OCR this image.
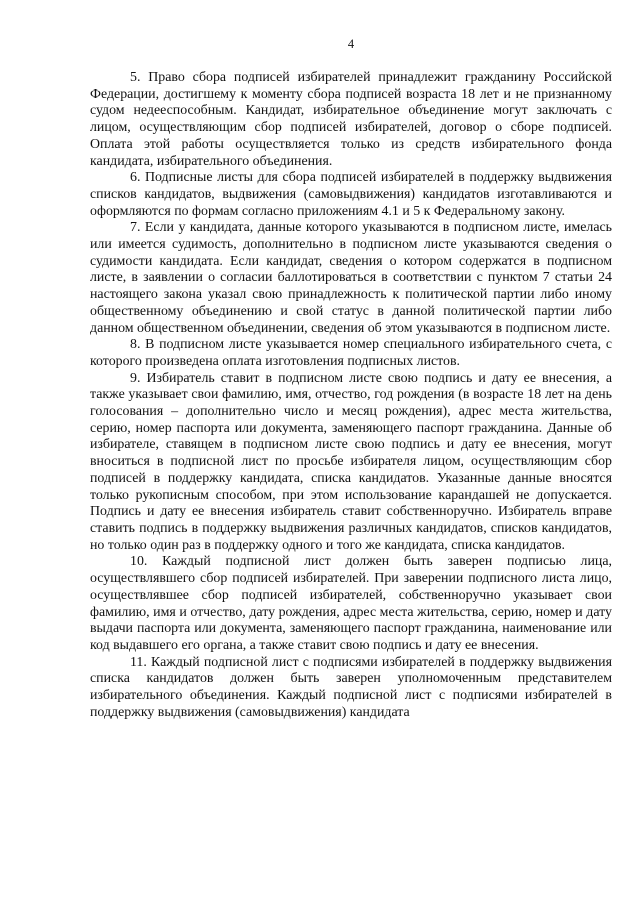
4

5. Право сбора подписей избирателей принадлежит гражданину Российской Федерации, достигшему к моменту сбора подписей возраста 18 лет и не признанному судом недееспособным. Кандидат, избирательное объединение могут заключать с лицом, осуществляющим сбор подписей избирателей, договор о сборе подписей. Оплата этой работы осуществляется только из средств избирательного фонда кандидата, избирательного объединения.

6. Подписные листы для сбора подписей избирателей в поддержку выдвижения списков кандидатов, выдвижения (самовыдвижения) кандидатов изготавливаются и оформляются по формам согласно приложениям 4.1 и 5 к Федеральному закону.

7. Если у кандидата, данные которого указываются в подписном листе, имелась или имеется судимость, дополнительно в подписном листе указываются сведения о судимости кандидата. Если кандидат, сведения о котором содержатся в подписном листе, в заявлении о согласии баллотироваться в соответствии с пунктом 7 статьи 24 настоящего закона указал свою принадлежность к политической партии либо иному общественному объединению и свой статус в данной политической партии либо данном общественном объединении, сведения об этом указываются в подписном листе.

8. В подписном листе указывается номер специального избирательного счета, с которого произведена оплата изготовления подписных листов.

9. Избиратель ставит в подписном листе свою подпись и дату ее внесения, а также указывает свои фамилию, имя, отчество, год рождения (в возрасте 18 лет на день голосования – дополнительно число и месяц рождения), адрес места жительства, серию, номер паспорта или документа, заменяющего паспорт гражданина. Данные об избирателе, ставящем в подписном листе свою подпись и дату ее внесения, могут вноситься в подписной лист по просьбе избирателя лицом, осуществляющим сбор подписей в поддержку кандидата, списка кандидатов. Указанные данные вносятся только рукописным способом, при этом использование карандашей не допускается. Подпись и дату ее внесения избиратель ставит собственноручно. Избиратель вправе ставить подпись в поддержку выдвижения различных кандидатов, списков кандидатов, но только один раз в поддержку одного и того же кандидата, списка кандидатов.

10. Каждый подписной лист должен быть заверен подписью лица, осуществлявшего сбор подписей избирателей. При заверении подписного листа лицо, осуществлявшее сбор подписей избирателей, собственноручно указывает свои фамилию, имя и отчество, дату рождения, адрес места жительства, серию, номер и дату выдачи паспорта или документа, заменяющего паспорт гражданина, наименование или код выдавшего его органа, а также ставит свою подпись и дату ее внесения.

11. Каждый подписной лист с подписями избирателей в поддержку выдвижения списка кандидатов должен быть заверен уполномоченным представителем избирательного объединения. Каждый подписной лист с подписями избирателей в поддержку выдвижения (самовыдвижения) кандидата
